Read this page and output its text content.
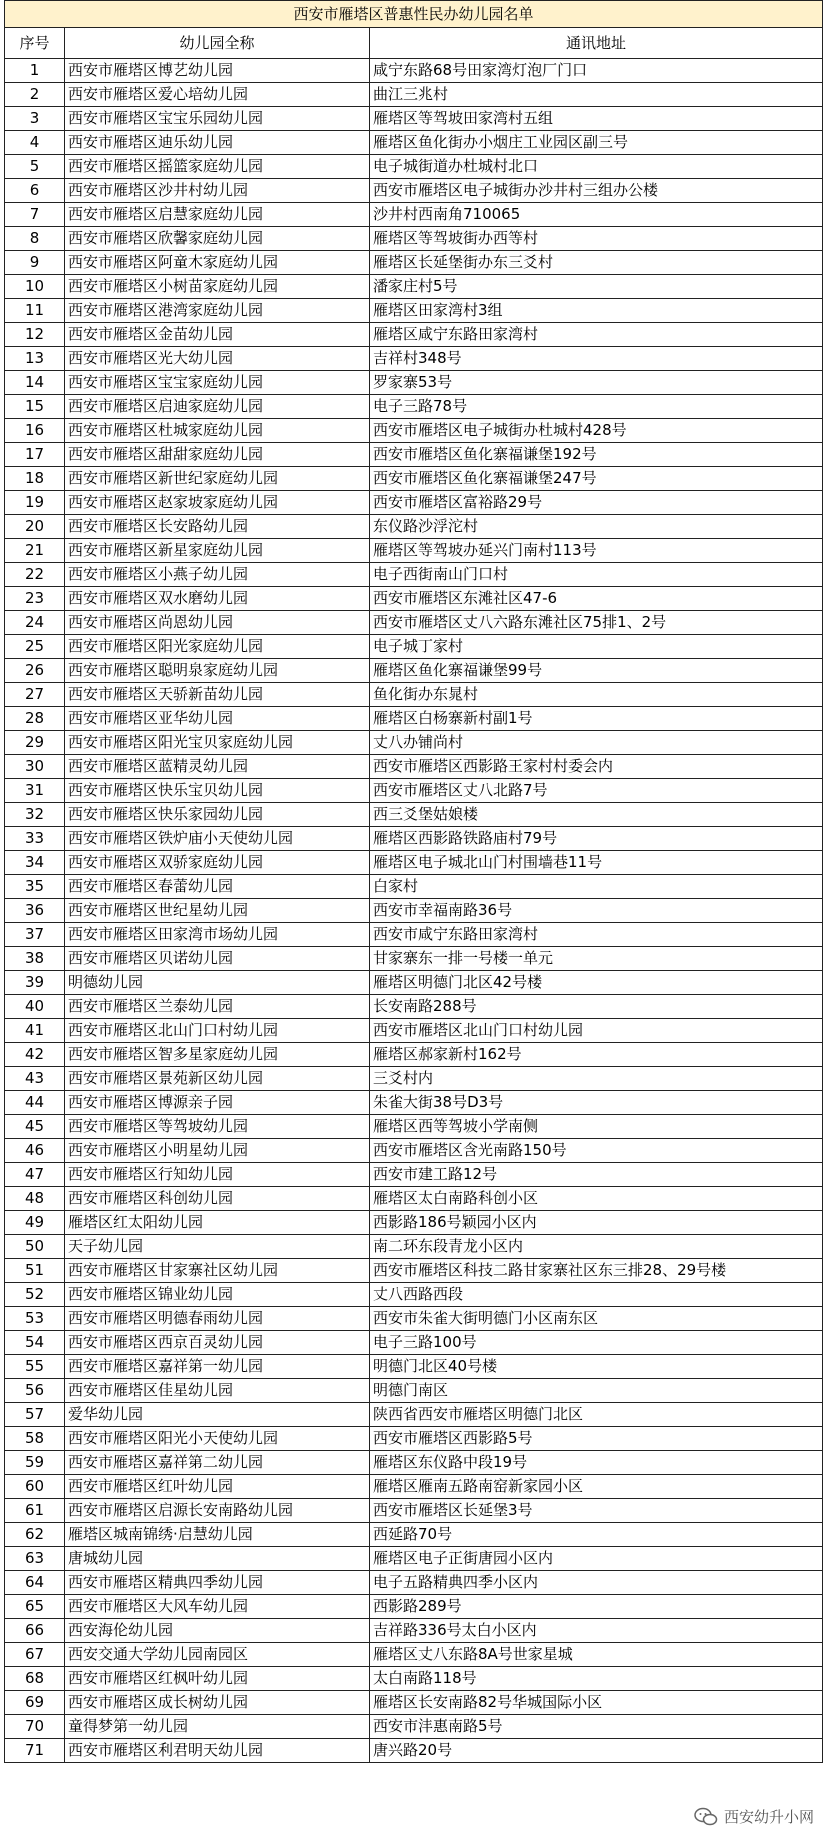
西安市雁塔区普惠性民办幼儿园名单		
序号	幼儿园全称	通讯地址
1	西安市雁塔区博艺幼儿园	咸宁东路68号田家湾灯泡厂门口
2	西安市雁塔区爱心培幼儿园	曲江三兆村
3	西安市雁塔区宝宝乐园幼儿园	雁塔区等驾坡田家湾村五组
4	西安市雁塔区迪乐幼儿园	雁塔区鱼化街办小烟庄工业园区副三号
5	西安市雁塔区摇篮家庭幼儿园	电子城街道办杜城村北口
6	西安市雁塔区沙井村幼儿园	西安市雁塔区电子城街办沙井村三组办公楼
7	西安市雁塔区启慧家庭幼儿园	沙井村西南角710065
8	西安市雁塔区欣馨家庭幼儿园	雁塔区等驾坡街办西等村
9	西安市雁塔区阿童木家庭幼儿园	雁塔区长延堡街办东三爻村
10	西安市雁塔区小树苗家庭幼儿园	潘家庄村5号
11	西安市雁塔区港湾家庭幼儿园	雁塔区田家湾村3组
12	西安市雁塔区金苗幼儿园	雁塔区咸宁东路田家湾村
13	西安市雁塔区光大幼儿园	吉祥村348号
14	西安市雁塔区宝宝家庭幼儿园	罗家寨53号
15	西安市雁塔区启迪家庭幼儿园	电子三路78号
16	西安市雁塔区杜城家庭幼儿园	西安市雁塔区电子城街办杜城村428号
17	西安市雁塔区甜甜家庭幼儿园	西安市雁塔区鱼化寨福谦堡192号
18	西安市雁塔区新世纪家庭幼儿园	西安市雁塔区鱼化寨福谦堡247号
19	西安市雁塔区赵家坡家庭幼儿园	西安市雁塔区富裕路29号
20	西安市雁塔区长安路幼儿园	东仪路沙浮沱村
21	西安市雁塔区新星家庭幼儿园	雁塔区等驾坡办延兴门南村113号
22	西安市雁塔区小燕子幼儿园	电子西街南山门口村
23	西安市雁塔区双水磨幼儿园	西安市雁塔区东滩社区47-6
24	西安市雁塔区尚恩幼儿园	西安市雁塔区丈八六路东滩社区75排1、2号
25	西安市雁塔区阳光家庭幼儿园	电子城丁家村
26	西安市雁塔区聪明泉家庭幼儿园	雁塔区鱼化寨福谦堡99号
27	西安市雁塔区天骄新苗幼儿园	鱼化街办东晁村
28	西安市雁塔区亚华幼儿园	雁塔区白杨寨新村副1号
29	西安市雁塔区阳光宝贝家庭幼儿园	丈八办铺尚村
30	西安市雁塔区蓝精灵幼儿园	西安市雁塔区西影路王家村村委会内
31	西安市雁塔区快乐宝贝幼儿园	西安市雁塔区丈八北路7号
32	西安市雁塔区快乐家园幼儿园	西三爻堡姑娘楼
33	西安市雁塔区铁炉庙小天使幼儿园	雁塔区西影路铁路庙村79号
34	西安市雁塔区双骄家庭幼儿园	雁塔区电子城北山门村围墙巷11号
35	西安市雁塔区春蕾幼儿园	白家村
36	西安市雁塔区世纪星幼儿园	西安市幸福南路36号
37	西安市雁塔区田家湾市场幼儿园	西安市咸宁东路田家湾村
38	西安市雁塔区贝诺幼儿园	甘家寨东一排一号楼一单元
39	明德幼儿园	雁塔区明德门北区42号楼
40	西安市雁塔区兰泰幼儿园	长安南路288号
41	西安市雁塔区北山门口村幼儿园	西安市雁塔区北山门口村幼儿园
42	西安市雁塔区智多星家庭幼儿园	雁塔区郝家新村162号
43	西安市雁塔区景苑新区幼儿园	三爻村内
44	西安市雁塔区博源亲子园	朱雀大街38号D3号
45	西安市雁塔区等驾坡幼儿园	雁塔区西等驾坡小学南侧
46	西安市雁塔区小明星幼儿园	西安市雁塔区含光南路150号
47	西安市雁塔区行知幼儿园	西安市建工路12号
48	西安市雁塔区科创幼儿园	雁塔区太白南路科创小区
49	雁塔区红太阳幼儿园	西影路186号颖园小区内
50	天子幼儿园	南二环东段青龙小区内
51	西安市雁塔区甘家寨社区幼儿园	西安市雁塔区科技二路甘家寨社区东三排28、29号楼
52	西安市雁塔区锦业幼儿园	丈八西路西段
53	西安市雁塔区明德春雨幼儿园	西安市朱雀大街明德门小区南东区
54	西安市雁塔区西京百灵幼儿园	电子三路100号
55	西安市雁塔区嘉祥第一幼儿园	明德门北区40号楼
56	西安市雁塔区佳星幼儿园	明德门南区
57	爱华幼儿园	陕西省西安市雁塔区明德门北区
58	西安市雁塔区阳光小天使幼儿园	西安市雁塔区西影路5号
59	西安市雁塔区嘉祥第二幼儿园	雁塔区东仪路中段19号
60	西安市雁塔区红叶幼儿园	雁塔区雁南五路南窑新家园小区
61	西安市雁塔区启源长安南路幼儿园	西安市雁塔区长延堡3号
62	雁塔区城南锦绣·启慧幼儿园	西延路70号
63	唐城幼儿园	雁塔区电子正街唐园小区内
64	西安市雁塔区精典四季幼儿园	电子五路精典四季小区内
65	西安市雁塔区大风车幼儿园	西影路289号
66	西安海伦幼儿园	吉祥路336号太白小区内
67	西安交通大学幼儿园南园区	雁塔区丈八东路8A号世家星城
68	西安市雁塔区红枫叶幼儿园	太白南路118号
69	西安市雁塔区成长树幼儿园	雁塔区长安南路82号华城国际小区
70	童得梦第一幼儿园	西安市沣惠南路5号
71	西安市雁塔区利君明天幼儿园	唐兴路20号
西安幼升小网
